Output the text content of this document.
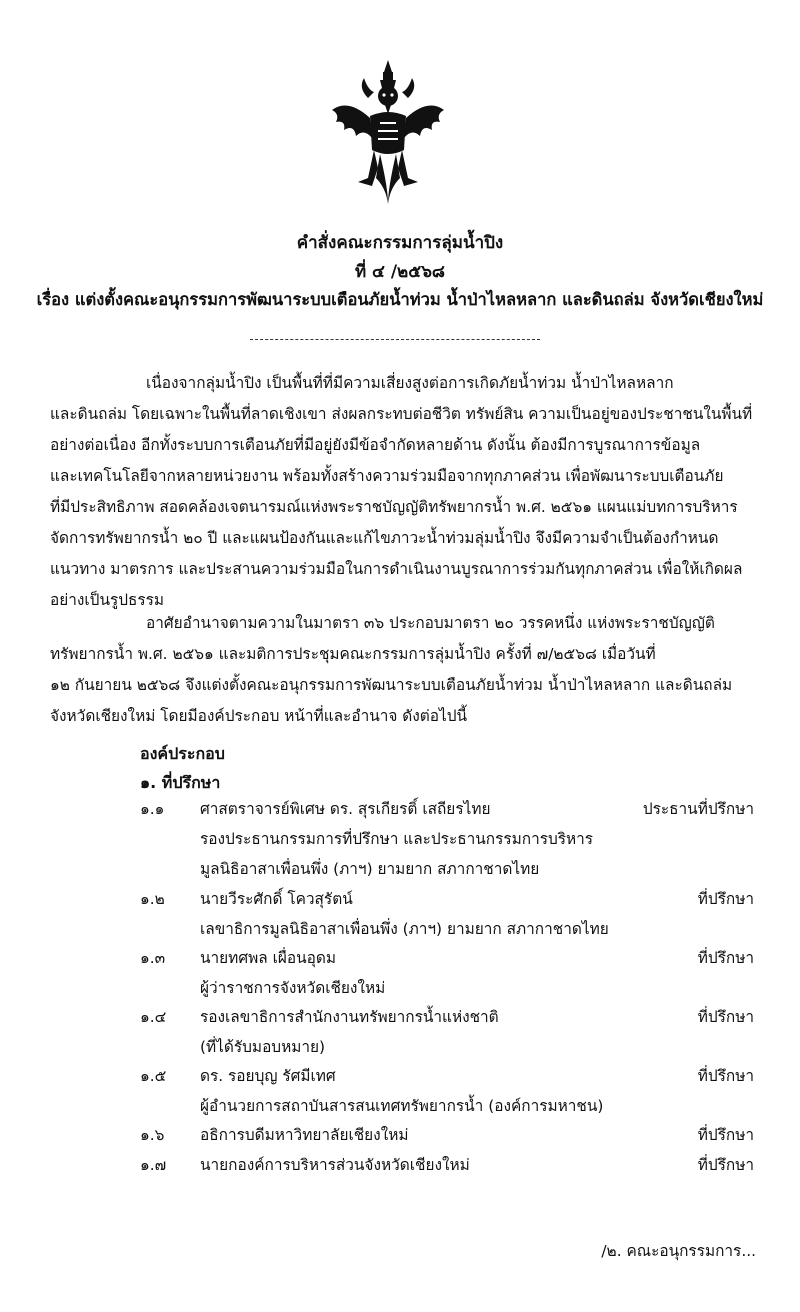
คำสั่งคณะกรรมการลุ่มน้ำปิง
ที่ ๔ /๒๕๖๘
เรื่อง แต่งตั้งคณะอนุกรรมการพัฒนาระบบเตือนภัยน้ำท่วม น้ำป่าไหลหลาก และดินถล่ม จังหวัดเชียงใหม่
เนื่องจากลุ่มน้ำปิง เป็นพื้นที่ที่มีความเสี่ยงสูงต่อการเกิดภัยน้ำท่วม น้ำป่าไหลหลาก
และดินถล่ม โดยเฉพาะในพื้นที่ลาดเชิงเขา ส่งผลกระทบต่อชีวิต ทรัพย์สิน ความเป็นอยู่ของประชาชนในพื้นที่
อย่างต่อเนื่อง อีกทั้งระบบการเตือนภัยที่มีอยู่ยังมีข้อจำกัดหลายด้าน ดังนั้น ต้องมีการบูรณาการข้อมูล
และเทคโนโลยีจากหลายหน่วยงาน พร้อมทั้งสร้างความร่วมมือจากทุกภาคส่วน เพื่อพัฒนาระบบเตือนภัย
ที่มีประสิทธิภาพ สอดคล้องเจตนารมณ์แห่งพระราชบัญญัติทรัพยากรน้ำ พ.ศ. ๒๕๖๑ แผนแม่บทการบริหาร
จัดการทรัพยากรน้ำ ๒๐ ปี และแผนป้องกันและแก้ไขภาวะน้ำท่วมลุ่มน้ำปิง จึงมีความจำเป็นต้องกำหนด
แนวทาง มาตรการ และประสานความร่วมมือในการดำเนินงานบูรณาการร่วมกันทุกภาคส่วน เพื่อให้เกิดผล
อย่างเป็นรูปธรรม
อาศัยอำนาจตามความในมาตรา ๓๖ ประกอบมาตรา ๒๐ วรรคหนึ่ง แห่งพระราชบัญญัติ
ทรัพยากรน้ำ พ.ศ. ๒๕๖๑ และมติการประชุมคณะกรรมการลุ่มน้ำปิง ครั้งที่ ๗/๒๕๖๘ เมื่อวันที่
๑๒ กันยายน ๒๕๖๘ จึงแต่งตั้งคณะอนุกรรมการพัฒนาระบบเตือนภัยน้ำท่วม น้ำป่าไหลหลาก และดินถล่ม
จังหวัดเชียงใหม่ โดยมีองค์ประกอบ หน้าที่และอำนาจ ดังต่อไปนี้
องค์ประกอบ
๑. ที่ปรึกษา
๑.๑ ศาสตราจารย์พิเศษ ดร. สุรเกียรติ์ เสถียรไทย	ประธานที่ปรึกษา
รองประธานกรรมการที่ปรึกษา และประธานกรรมการบริหาร
มูลนิธิอาสาเพื่อนพึ่ง (ภาฯ) ยามยาก สภากาชาดไทย
๑.๒ นายวีระศักดิ์ โควสุรัตน์	ที่ปรึกษา
เลขาธิการมูลนิธิอาสาเพื่อนพึ่ง (ภาฯ) ยามยาก สภากาชาดไทย
๑.๓ นายทศพล เผื่อนอุดม	ที่ปรึกษา
ผู้ว่าราชการจังหวัดเชียงใหม่
๑.๔ รองเลขาธิการสำนักงานทรัพยากรน้ำแห่งชาติ	ที่ปรึกษา
(ที่ได้รับมอบหมาย)
๑.๕ ดร. รอยบุญ รัศมีเทศ	ที่ปรึกษา
ผู้อำนวยการสถาบันสารสนเทศทรัพยากรน้ำ (องค์การมหาชน)
๑.๖ อธิการบดีมหาวิทยาลัยเชียงใหม่	ที่ปรึกษา
๑.๗ นายกองค์การบริหารส่วนจังหวัดเชียงใหม่	ที่ปรึกษา
/๒. คณะอนุกรรมการ...
